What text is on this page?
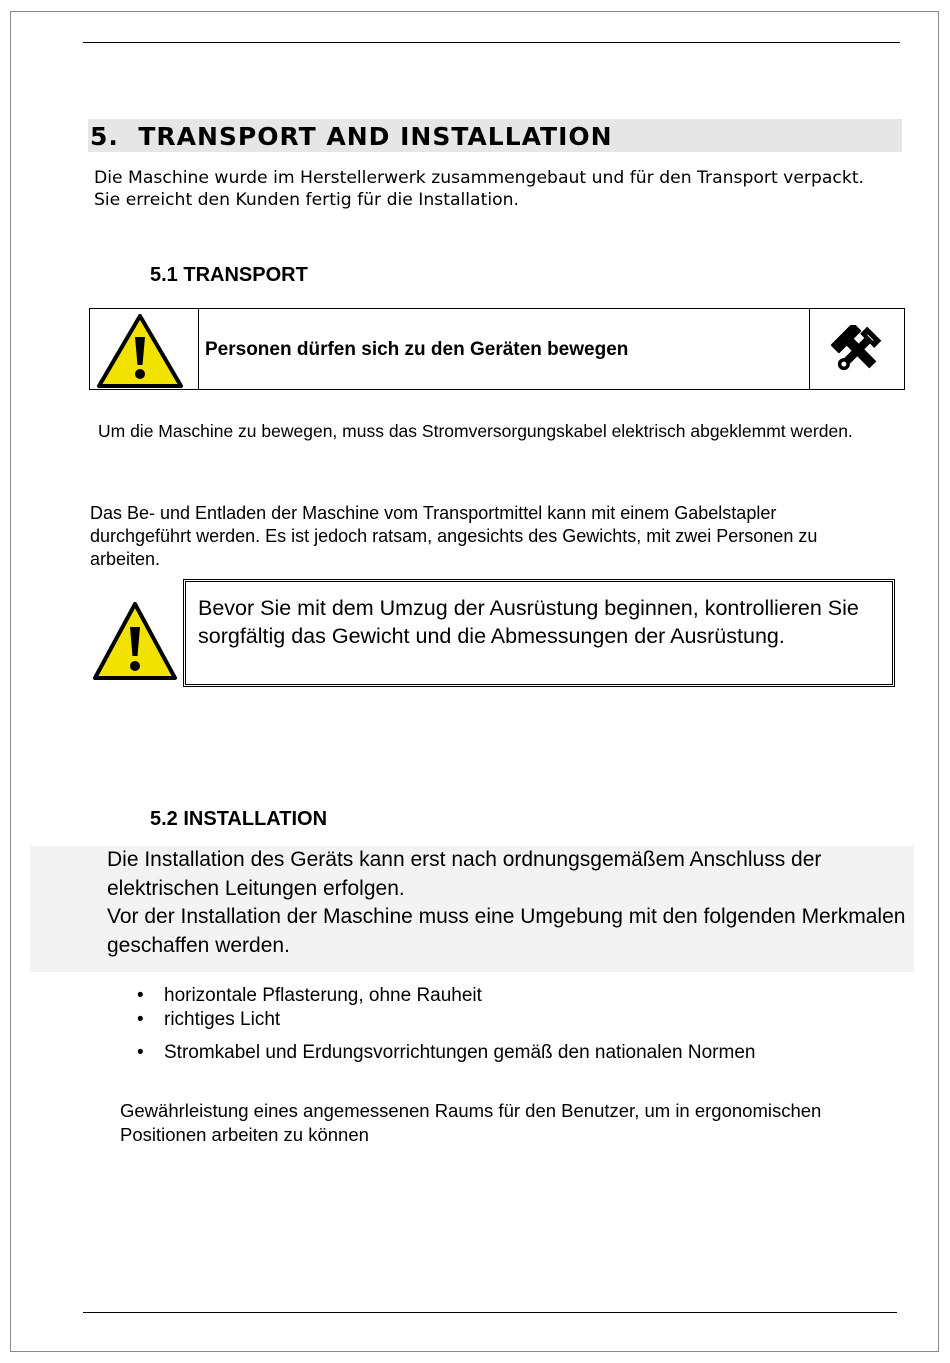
5. TRANSPORT AND INSTALLATION
Die Maschine wurde im Herstellerwerk zusammengebaut und für den Transport verpackt. Sie erreicht den Kunden fertig für die Installation.
5.1 TRANSPORT
Personen dürfen sich zu den Geräten bewegen
Um die Maschine zu bewegen, muss das Stromversorgungskabel elektrisch abgeklemmt werden.
Das Be- und Entladen der Maschine vom Transportmittel kann mit einem Gabelstapler durchgeführt werden. Es ist jedoch ratsam, angesichts des Gewichts, mit zwei Personen zu arbeiten.
Bevor Sie mit dem Umzug der Ausrüstung beginnen, kontrollieren Sie sorgfältig das Gewicht und die Abmessungen der Ausrüstung.
5.2 INSTALLATION
Die Installation des Geräts kann erst nach ordnungsgemäßem Anschluss der elektrischen Leitungen erfolgen.
Vor der Installation der Maschine muss eine Umgebung mit den folgenden Merkmalen geschaffen werden.
• horizontale Pflasterung, ohne Rauheit
• richtiges Licht
• Stromkabel und Erdungsvorrichtungen gemäß den nationalen Normen
Gewährleistung eines angemessenen Raums für den Benutzer, um in ergonomischen Positionen arbeiten zu können
